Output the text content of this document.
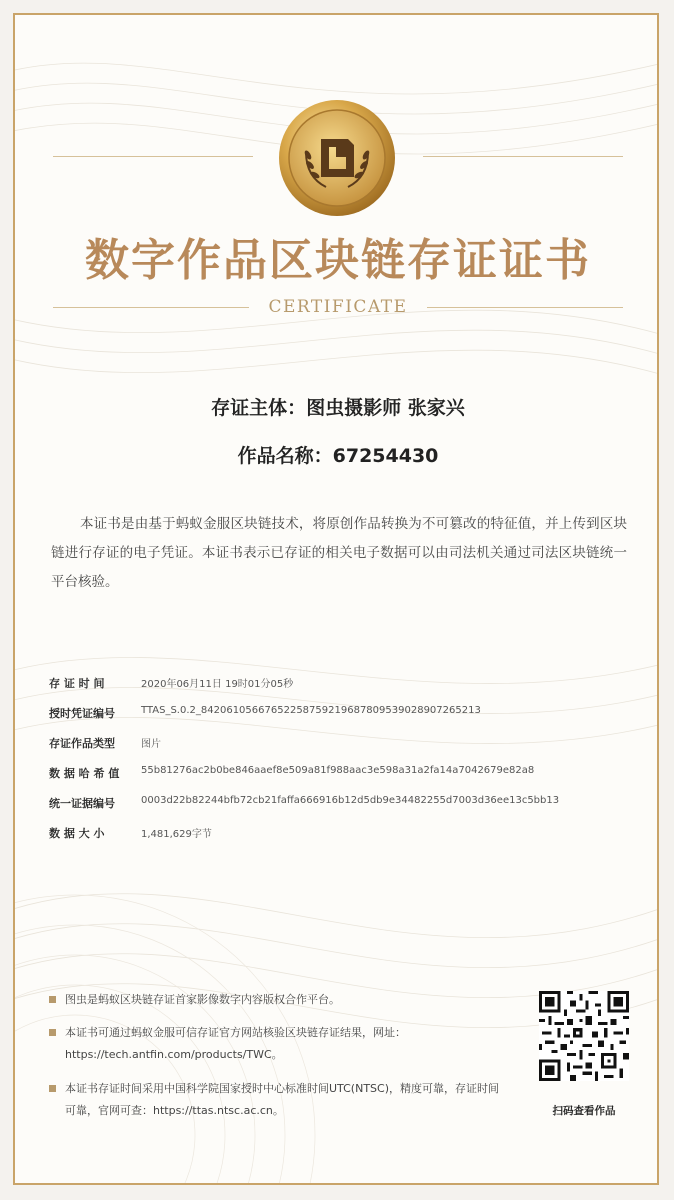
数字作品区块链存证证书
CERTIFICATE
存证主体：图虫摄影师 张家兴
作品名称：67254430
本证书是由基于蚂蚁金服区块链技术，将原创作品转换为不可篡改的特征值，并上传到区块链进行存证的电子凭证。本证书表示已存证的相关电子数据可以由司法机关通过司法区块链统一平台核验。
存 证 时 间	2020年06月11日 19时01分05秒
授时凭证编号	TTAS_S.0.2_842061056676522587592196878095390289072652​13
存证作品类型	图片
数 据 哈 希 值 55b81276ac2b0be846aaef8e509a81f988aac3e598a31a2fa14a7042679e82a8
统一证据编号	0003d22b82244bfb72cb21faffa666916b12d5db9e34482255d7003d36ee13c5bb13
数 据 大 小	1,481,629字节
图虫是蚂蚁区块链存证首家影像数字内容版权合作平台。
本证书可通过蚂蚁金服可信存证官方网站核验区块链存证结果，网址：https://tech.antfin.com/products/TWC。
本证书存证时间采用中国科学院国家授时中心标准时间UTC(NTSC)，精度可靠，存证时间可靠，官网可查：https://ttas.ntsc.ac.cn。	扫码查看作品
